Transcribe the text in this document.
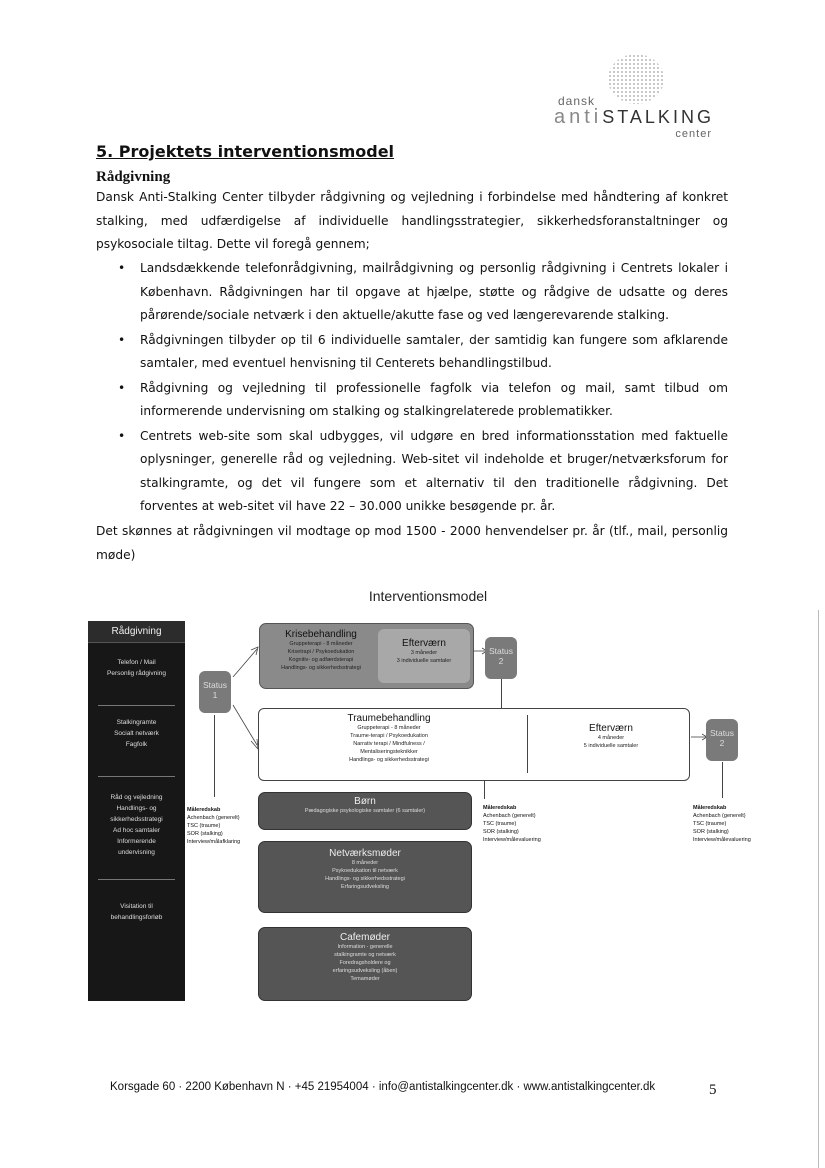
dansk
antiSTALKING
center
5. Projektets interventionsmodel
Rådgivning

Dansk Anti-Stalking Center tilbyder rådgivning og vejledning i forbindelse med håndtering af konkret stalking, med udfærdigelse af individuelle handlingsstrategier, sikkerhedsforanstaltninger og psykosociale tiltag. Dette vil foregå gennem;

• Landsdækkende telefonrådgivning, mailrådgivning og personlig rådgivning i Centrets lokaler i København. Rådgivningen har til opgave at hjælpe, støtte og rådgive de udsatte og deres pårørende/sociale netværk i den aktuelle/akutte fase og ved længerevarende stalking.
• Rådgivningen tilbyder op til 6 individuelle samtaler, der samtidig kan fungere som afklarende samtaler, med eventuel henvisning til Centerets behandlingstilbud.
• Rådgivning og vejledning til professionelle fagfolk via telefon og mail, samt tilbud om informerende undervisning om stalking og stalkingrelaterede problematikker.
• Centrets web-site som skal udbygges, vil udgøre en bred informationsstation med faktuelle oplysninger, generelle råd og vejledning. Web-sitet vil indeholde et bruger/netværksforum for stalkingramte, og det vil fungere som et alternativ til den traditionelle rådgivning. Det forventes at web-sitet vil have 22 – 30.000 unikke besøgende pr. år.

Det skønnes at rådgivningen vil modtage op mod 1500 - 2000 henvendelser pr. år (tlf., mail, personlig møde)

Interventionsmodel
Rådgivning
Telefon / Mail
Personlig rådgivning
Stalkingramte
Socialt netværk
Fagfolk
Råd og vejledning
Handlings- og
sikkerhedsstrategi
Ad hoc samtaler
Informerende
undervisning
Visitation til
behandlingsforløb
Status
1
Krisebehandling
Gruppeterapi - 8 måneder
Krisetrapi / Psykoedukation
Kognitiv- og adfærdsterapi
Handlings- og sikkerhedsstrategi
Efterværn
3 måneder
3 individuelle samtaler
Status
2
Traumebehandling
Gruppeterapi - 8 måneder
Traume-terapi / Psykoedukation
Narrativ terapi / Mindfulness /
Mentaliseringsteknikker
Handlings- og sikkerhedsstrategi
Efterværn
4 måneder
5 individuelle samtaler
Status
2
Måleredskab
Achenbach (generelt)
TSC (traume)
SOR (stalking)
Interview/målafklaring
Måleredskab
Achenbach (generelt)
TSC (traume)
SOR (stalking)
Interview/målevaluering
Måleredskab
Achenbach (generelt)
TSC (traume)
SOR (stalking)
Interview/målevaluering
Børn
Pædagogiske psykologiske samtaler (6 samtaler)
Netværksmøder
8 måneder
Psykoedukation til netværk
Handlings- og sikkerhedsstrategi
Erfaringsudveksling
Cafemøder
Information - generelle
stalkingramte og netværk
Foredragsholdere og
erfaringsudveksling (åben)
Temamøder
Korsgade 60 · 2200 København N · +45 21954004 · info@antistalkingcenter.dk · www.antistalkingcenter.dk	5
